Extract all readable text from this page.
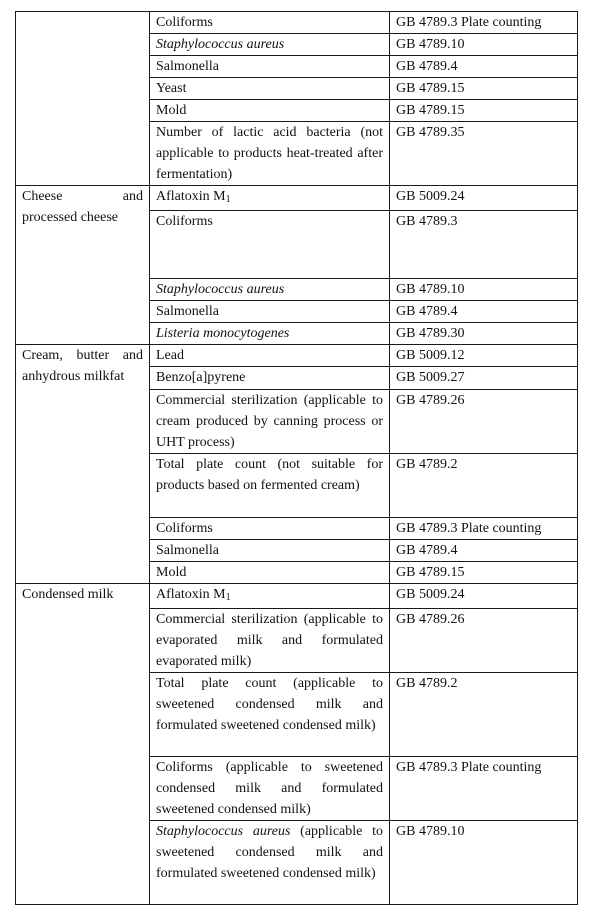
	Coliforms	GB 4789.3 Plate counting
	Staphylococcus aureus	GB 4789.10
	Salmonella	GB 4789.4
	Yeast	GB 4789.15
	Mold	GB 4789.15
	Number of lactic acid bacteria (not applicable to products heat-treated after fermentation)	GB 4789.35
Cheese and processed cheese	Aflatoxin $M_1$	GB 5009.24
	Coliforms	GB 4789.3
	Staphylococcus aureus	GB 4789.10
	Salmonella	GB 4789.4
	Listeria monocytogenes	GB 4789.30
Cream, butter and anhydrous milkfat	Lead	GB 5009.12
	Benzo[a]pyrene	GB 5009.27
	Commercial sterilization (applicable to cream produced by canning process or UHT process)	GB 4789.26
	Total plate count (not suitable for products based on fermented cream)	GB 4789.2
	Coliforms	GB 4789.3 Plate counting
	Salmonella	GB 4789.4
	Mold	GB 4789.15
Condensed milk	Aflatoxin $M_1$	GB 5009.24
	Commercial sterilization (applicable to evaporated milk and formulated evaporated milk)	GB 4789.26
	Total plate count (applicable to sweetened condensed milk and formulated sweetened condensed milk)	GB 4789.2
	Coliforms (applicable to sweetened condensed milk and formulated sweetened condensed milk)	GB 4789.3 Plate counting
	Staphylococcus aureus (applicable to sweetened condensed milk and formulated sweetened condensed milk)	GB 4789.10
